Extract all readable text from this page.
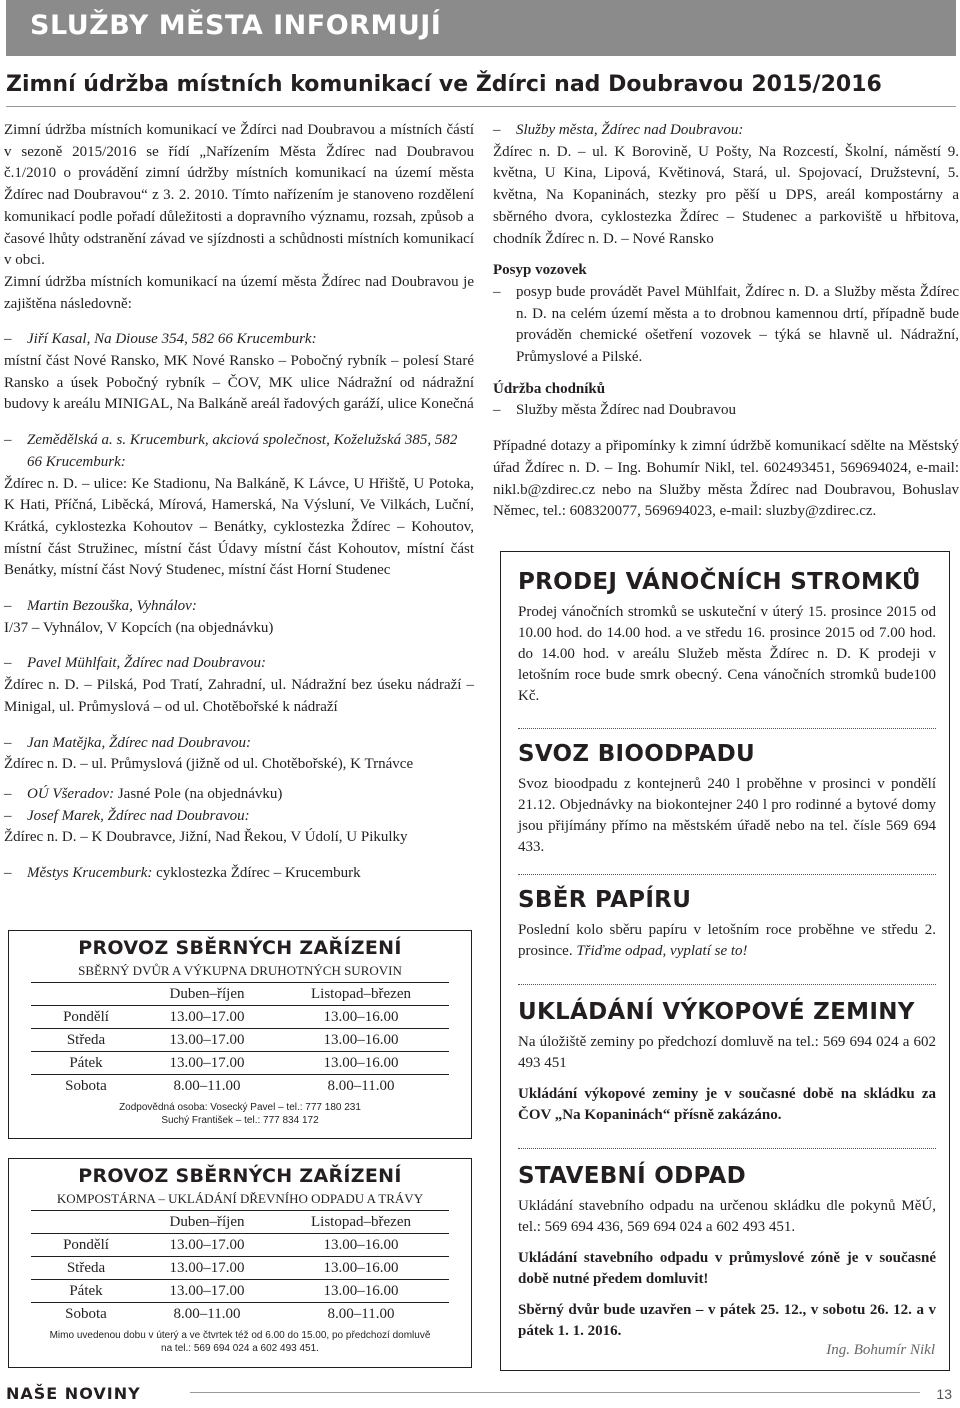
SLUŽBY MĚSTA INFORMUJÍ
Zimní údržba místních komunikací ve Ždírci nad Doubravou 2015/2016

Zimní údržba místních komunikací ve Ždírci nad Doubravou a místních částí v sezoně 2015/2016 se řídí „Nařízením Města Ždírec nad Doubravou č.1/2010 o provádění zimní údržby místních komunikací na území města Ždírec nad Doubravou“ z 3. 2. 2010. Tímto nařízením je stanoveno rozdělení komunikací podle pořadí důležitosti a dopravního významu, rozsah, způsob a časové lhůty odstranění závad ve sjízdnosti a schůdnosti místních komunikací v obci.

Zimní údržba místních komunikací na území města Ždírec nad Doubravou je zajištěna následovně:

–	Jiří Kasal, Na Diouse 354, 582 66 Krucemburk:

místní část Nové Ransko, MK Nové Ransko – Pobočný rybník – polesí Staré Ransko a úsek Pobočný rybník – ČOV, MK ulice Nádražní od nádražní budovy k areálu MINIGAL, Na Balkáně areál řadových garáží, ulice Konečná

–	Zemědělská a. s. Krucemburk, akciová společnost, Koželužská 385, 582 66 Krucemburk:

Ždírec n. D. – ulice: Ke Stadionu, Na Balkáně, K Lávce, U Hřiště, U Potoka, K Hati, Příčná, Liběcká, Mírová, Hamerská, Na Výsluní, Ve Vilkách, Luční, Krátká, cyklostezka Kohoutov – Benátky, cyklostezka Ždírec – Kohoutov, místní část Stružinec, místní část Údavy místní část Kohoutov, místní část Benátky, místní část Nový Studenec, místní část Horní Studenec

–	Martin Bezouška, Vyhnálov:

I/37 – Vyhnálov, V Kopcích (na objednávku)

–	Pavel Mühlfait, Ždírec nad Doubravou:

Ždírec n. D. – Pilská, Pod Tratí, Zahradní, ul. Nádražní bez úseku nádraží – Minigal, ul. Průmyslová – od ul. Chotěbořské k nádraží

–	Jan Matějka, Ždírec nad Doubravou:

Ždírec n. D. – ul. Průmyslová (jižně od ul. Chotěbořské), K Trnávce

–	OÚ Všeradov: Jasné Pole (na objednávku)
–	Josef Marek, Ždírec nad Doubravou:

Ždírec n. D. – K Doubravce, Jižní, Nad Řekou, V Údolí, U Pikulky

–	Městys Krucemburk: cyklostezka Ždírec – Krucemburk
PROVOZ SBĚRNÝCH ZAŘÍZENÍ
SBĚRNÝ DVŮR A VÝKUPNA DRUHOTNÝCH SUROVIN
	Duben–říjen	Listopad–březen
Pondělí	13.00–17.00	13.00–16.00
Středa	13.00–17.00	13.00–16.00
Pátek	13.00–17.00	13.00–16.00
Sobota	8.00–11.00	8.00–11.00
Zodpovědná osoba: Vosecký Pavel – tel.: 777 180 231
Suchý František – tel.: 777 834 172
PROVOZ SBĚRNÝCH ZAŘÍZENÍ
KOMPOSTÁRNA – UKLÁDÁNÍ DŘEVNÍHO ODPADU A TRÁVY
	Duben–říjen	Listopad–březen
Pondělí	13.00–17.00	13.00–16.00
Středa	13.00–17.00	13.00–16.00
Pátek	13.00–17.00	13.00–16.00
Sobota	8.00–11.00	8.00–11.00
Mimo uvedenou dobu v úterý a ve čtvrtek též od 6.00 do 15.00, po předchozí domluvě
na tel.: 569 694 024 a 602 493 451.
–	Služby města, Ždírec nad Doubravou:

Ždírec n. D. – ul. K Borovině, U Pošty, Na Rozcestí, Školní, náměstí 9. května, U Kina, Lipová, Květinová, Stará, ul. Spojovací, Družstevní, 5. května, Na Kopaninách, stezky pro pěší u DPS, areál kompostárny a sběrného dvora, cyklostezka Ždírec – Studenec a parkoviště u hřbitova, chodník Ždírec n. D. – Nové Ransko

Posyp vozovek
–	posyp bude provádět Pavel Mühlfait, Ždírec n. D. a Služby města Ždírec n. D. na celém území města a to drobnou kamennou drtí, případně bude prováděn chemické ošetření vozovek – týká se hlavně ul. Nádražní, Průmyslové a Pilské.

Údržba chodníků
–	Služby města Ždírec nad Doubravou

Případné dotazy a připomínky k zimní údržbě komunikací sdělte na Městský úřad Ždírec n. D. – Ing. Bohumír Nikl, tel. 602493451, 569694024, e-mail: nikl.b@zdirec.cz nebo na Služby města Ždírec nad Doubravou, Bohuslav Němec, tel.: 608320077, 569694023, e-mail: sluzby@zdirec.cz.

PRODEJ VÁNOČNÍCH STROMKŮ

Prodej vánočních stromků se uskuteční v úterý 15. prosince 2015 od 10.00 hod. do 14.00 hod. a ve středu 16. prosince 2015 od 7.00 hod. do 14.00 hod. v areálu Služeb města Ždírec n. D. K prodeji v letošním roce bude smrk obecný. Cena vánočních stromků bude100 Kč.

SVOZ BIOODPADU

Svoz bioodpadu z kontejnerů 240 l proběhne v prosinci v pondělí 21.12. Objednávky na biokontejner 240 l pro rodinné a bytové domy jsou přijímány přímo na městském úřadě nebo na tel. čísle 569 694 433.

SBĚR PAPÍRU

Poslední kolo sběru papíru v letošním roce proběhne ve středu 2. prosince. Třiďme odpad, vyplatí se to!

UKLÁDÁNÍ VÝKOPOVÉ ZEMINY

Na úložiště zeminy po předchozí domluvě na tel.: 569 694 024 a 602 493 451

Ukládání výkopové zeminy je v současné době na skládku za ČOV „Na Kopaninách“ přísně zakázáno.

STAVEBNÍ ODPAD

Ukládání stavebního odpadu na určenou skládku dle pokynů MěÚ, tel.: 569 694 436, 569 694 024 a 602 493 451.

Ukládání stavebního odpadu v průmyslové zóně je v současné době nutné předem domluvit!

Sběrný dvůr bude uzavřen – v pátek 25. 12., v sobotu 26. 12. a v pátek 1. 1. 2016.

Ing. Bohumír Nikl
NAŠE NOVINY	13
